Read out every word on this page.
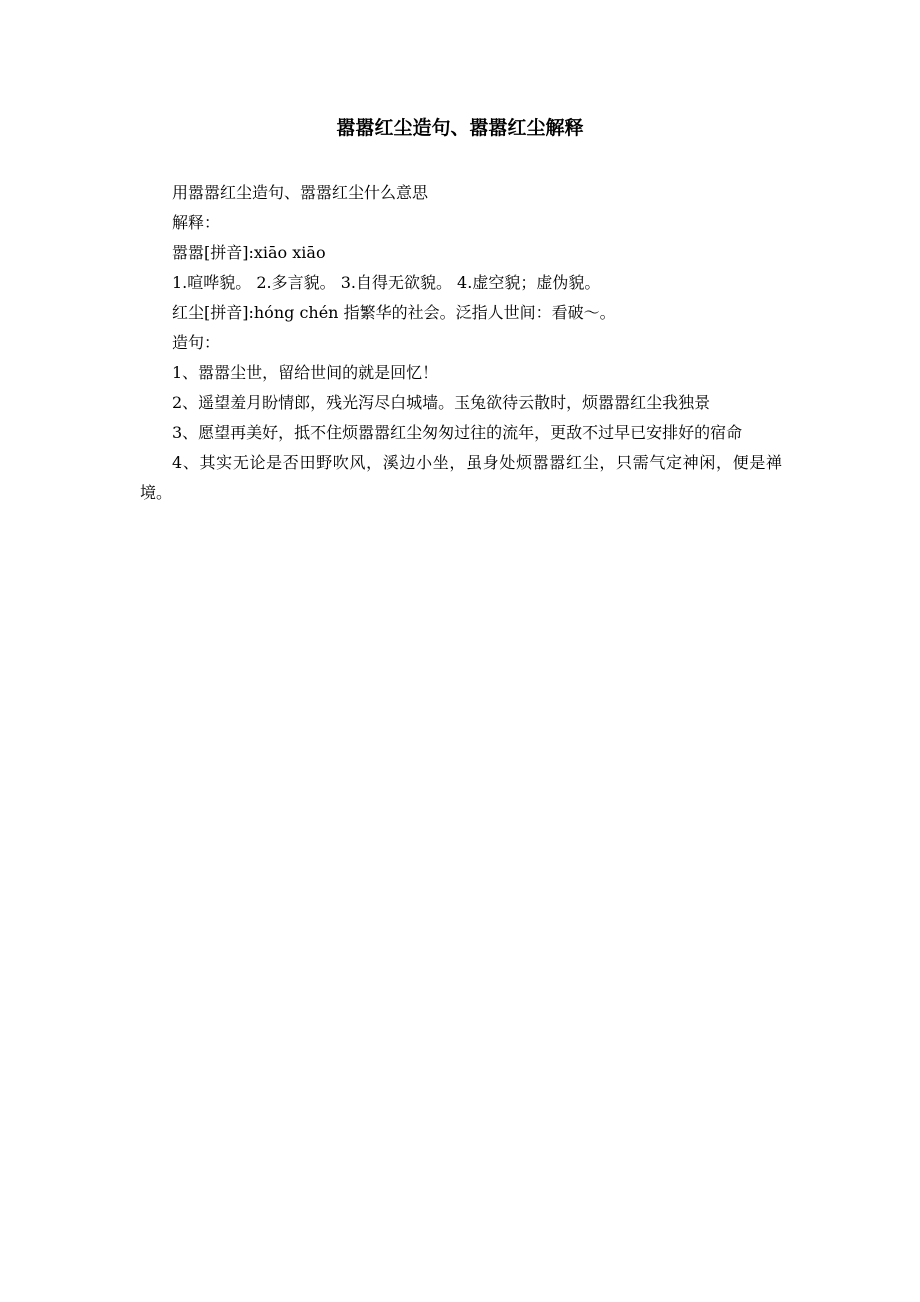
嚣嚣红尘造句、嚣嚣红尘解释

用嚣嚣红尘造句、嚣嚣红尘什么意思

解释：

嚣嚣[拼音]:xiāo xiāo

1.喧哗貌。 2.多言貌。 3.自得无欲貌。 4.虚空貌；虚伪貌。

红尘[拼音]:hóng chén 指繁华的社会。泛指人世间：看破～。

造句：

1、嚣嚣尘世，留给世间的就是回忆！

2、遥望羞月盼情郎，残光泻尽白城墙。玉兔欲待云散时，烦嚣嚣红尘我独景

3、愿望再美好，抵不住烦嚣嚣红尘匆匆过往的流年，更敌不过早已安排好的宿命

4、其实无论是否田野吹风，溪边小坐，虽身处烦嚣嚣红尘，只需气定神闲，便是禅境。
